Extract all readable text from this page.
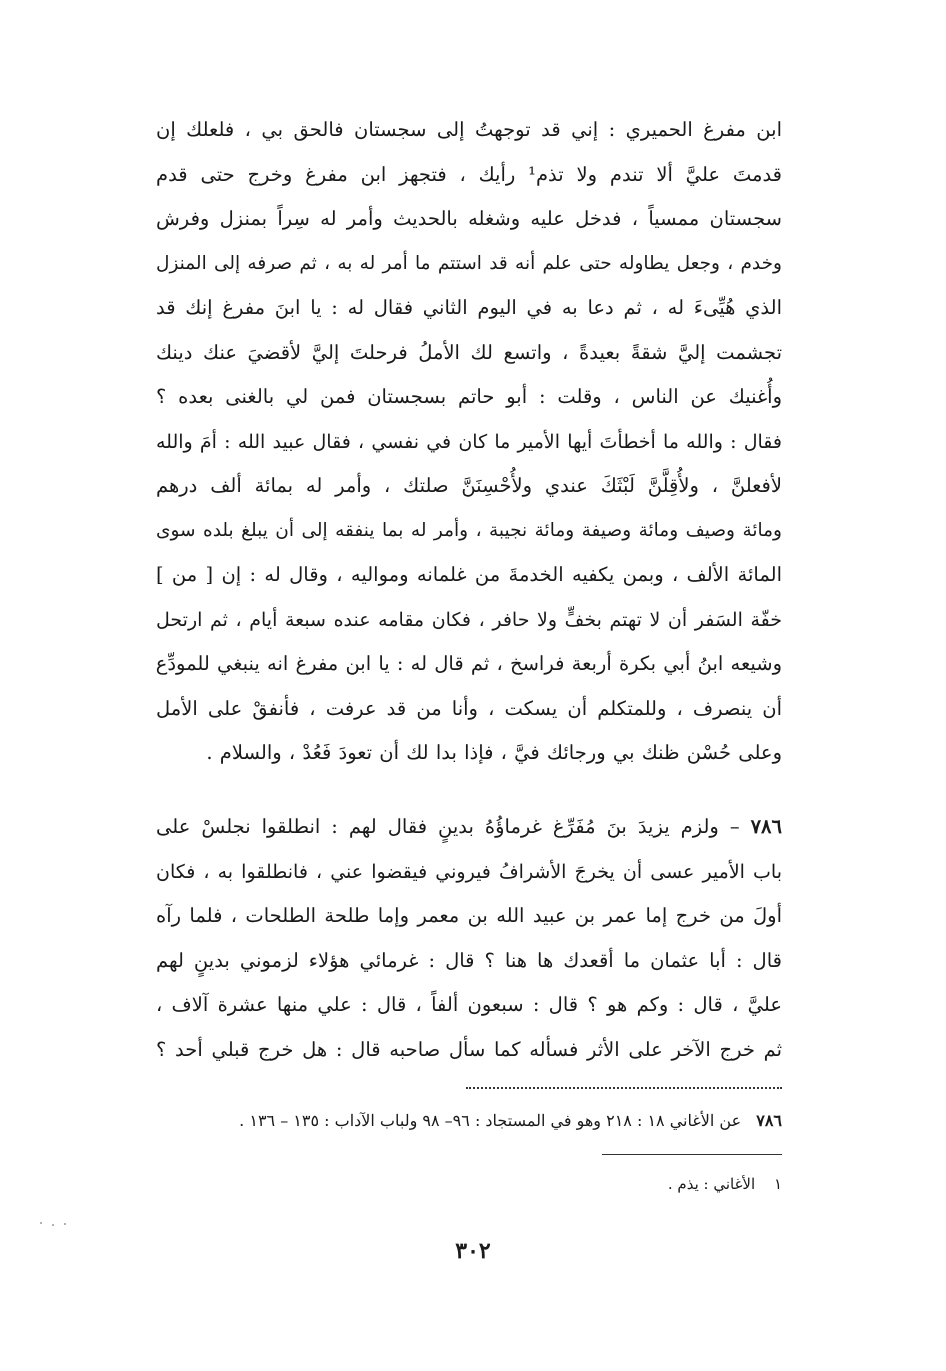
ابن مفرغ الحميري : إني قد توجهتُ إلى سجستان فالحق بي ، فلعلك إن
قدمتَ عليَّ ألا تندم ولا تذم¹ رأيك ، فتجهز ابن مفرغ وخرج حتى قدم
سجستان ممسياً ، فدخل عليه وشغله بالحديث وأمر له سِراً بمنزل وفرش
وخدم ، وجعل يطاوله حتى علم أنه قد استتم ما أمر له به ، ثم صرفه إلى المنزل
الذي هُيِّىءَ له ، ثم دعا به في اليوم الثاني فقال له : يا ابنَ مفرغ إنك قد
تجشمت إليَّ شقةً بعيدةً ، واتسع لك الأملُ فرحلتَ إليَّ لأقضيَ عنك دينك
وأُغنيك عن الناس ، وقلت : أبو حاتم بسجستان فمن لي بالغنى بعده ؟
فقال : والله ما أخطأتَ أيها الأمير ما كان في نفسي ، فقال عبيد الله : أمَ والله
لأفعلنَّ ، ولأُقِلَّنَّ لَبْثَكَ عندي ولأُحْسِنَنَّ صلتك ، وأمر له بمائة ألف درهم
ومائة وصيف ومائة وصيفة ومائة نجيبة ، وأمر له بما ينفقه إلى أن يبلغ بلده سوى
المائة الألف ، وبمن يكفيه الخدمةَ من غلمانه ومواليه ، وقال له : إن [ من ]
خفّة السَفر أن لا تهتم بخفٍّ ولا حافر ، فكان مقامه عنده سبعة أيام ، ثم ارتحل
وشيعه ابنُ أبي بكرة أربعة فراسخ ، ثم قال له : يا ابن مفرغ انه ينبغي للمودِّع
أن ينصرف ، وللمتكلم أن يسكت ، وأنا من قد عرفت ، فأنفقْ على الأمل
وعلى حُسْن ظنك بي ورجائك فيَّ ، فإذا بدا لك أن تعودَ فَعُدْ ، والسلام .
٧٨٦ – ولزم يزيدَ بنَ مُفَرِّغ غرماؤُهُ بدينٍ فقال لهم : انطلقوا نجلسْ على
باب الأمير عسى أن يخرجَ الأشرافُ فيروني فيقضوا عني ، فانطلقوا به ، فكان
أولَ من خرج إما عمر بن عبيد الله بن معمر وإما طلحة الطلحات ، فلما رآه
قال : أبا عثمان ما أقعدك ها هنا ؟ قال : غرمائي هؤلاء لزموني بدينٍ لهم
عليَّ ، قال : وكم هو ؟ قال : سبعون ألفاً ، قال : علي منها عشرة آلاف ،
ثم خرج الآخر على الأثر فسأله كما سأل صاحبه قال : هل خرج قبلي أحد ؟
٧٨٦ عن الأغاني ١٨ : ٢١٨ وهو في المستجاد : ٩٦– ٩٨ ولباب الآداب : ١٣٥ – ١٣٦ .
١ الأغاني : يذم .
٣٠٢
